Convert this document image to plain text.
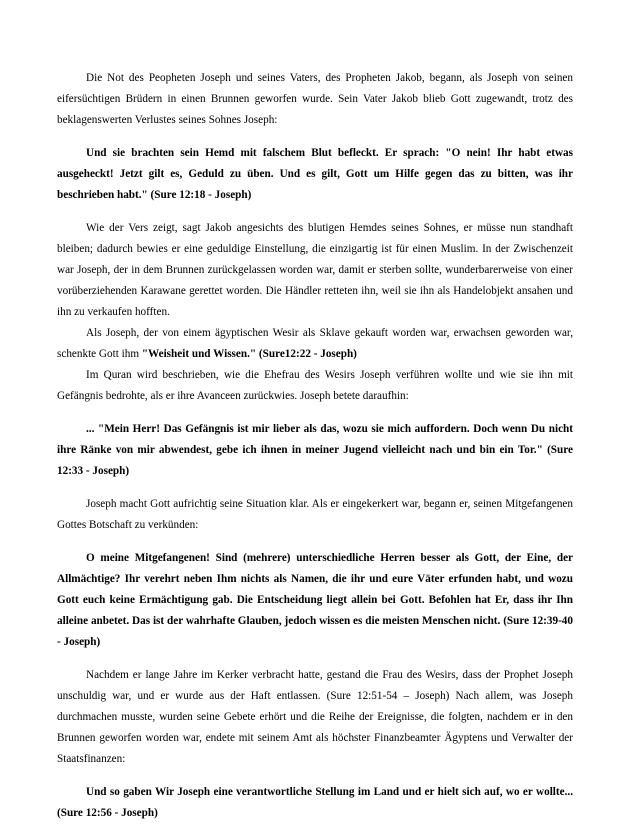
Die Not des Peopheten Joseph und seines Vaters, des Propheten Jakob, begann, als Joseph von seinen eifersüchtigen Brüdern in einen Brunnen geworfen wurde. Sein Vater Jakob blieb Gott zugewandt, trotz des beklagenswerten Verlustes seines Sohnes Joseph:

Und sie brachten sein Hemd mit falschem Blut befleckt. Er sprach: "O nein! Ihr habt etwas ausgeheckt! Jetzt gilt es, Geduld zu üben. Und es gilt, Gott um Hilfe gegen das zu bitten, was ihr beschrieben habt." (Sure 12:18 - Joseph)

Wie der Vers zeigt, sagt Jakob angesichts des blutigen Hemdes seines Sohnes, er müsse nun standhaft bleiben; dadurch bewies er eine geduldige Einstellung, die einzigartig ist für einen Muslim. In der Zwischenzeit war Joseph, der in dem Brunnen zurückgelassen worden war, damit er sterben sollte, wunderbarerweise von einer vorüberziehenden Karawane gerettet worden. Die Händler retteten ihn, weil sie ihn als Handelobjekt ansahen und ihn zu verkaufen hofften.

Als Joseph, der von einem ägyptischen Wesir als Sklave gekauft worden war, erwachsen geworden war, schenkte Gott ihm "Weisheit und Wissen." (Sure12:22 - Joseph)

Im Quran wird beschrieben, wie die Ehefrau des Wesirs Joseph verführen wollte und wie sie ihn mit Gefängnis bedrohte, als er ihre Avanceen zurückwies. Joseph betete daraufhin:

... "Mein Herr! Das Gefängnis ist mir lieber als das, wozu sie mich auffordern. Doch wenn Du nicht ihre Ränke von mir abwendest, gebe ich ihnen in meiner Jugend vielleicht nach und bin ein Tor." (Sure 12:33 - Joseph)

Joseph macht Gott aufrichtig seine Situation klar. Als er eingekerkert war, begann er, seinen Mitgefangenen Gottes Botschaft zu verkünden:

O meine Mitgefangenen! Sind (mehrere) unterschiedliche Herren besser als Gott, der Eine, der Allmächtige? Ihr verehrt neben Ihm nichts als Namen, die ihr und eure Väter erfunden habt, und wozu Gott euch keine Ermächtigung gab. Die Entscheidung liegt allein bei Gott. Befohlen hat Er, dass ihr Ihn alleine anbetet. Das ist der wahrhafte Glauben, jedoch wissen es die meisten Menschen nicht. (Sure 12:39-40 - Joseph)

Nachdem er lange Jahre im Kerker verbracht hatte, gestand die Frau des Wesirs, dass der Prophet Joseph unschuldig war, und er wurde aus der Haft entlassen. (Sure 12:51-54 – Joseph) Nach allem, was Joseph durchmachen musste, wurden seine Gebete erhört und die Reihe der Ereignisse, die folgten, nachdem er in den Brunnen geworfen worden war, endete mit seinem Amt als höchster Finanzbeamter Ägyptens und Verwalter der Staatsfinanzen:

Und so gaben Wir Joseph eine verantwortliche Stellung im Land und er hielt sich auf, wo er wollte... (Sure 12:56 - Joseph)
